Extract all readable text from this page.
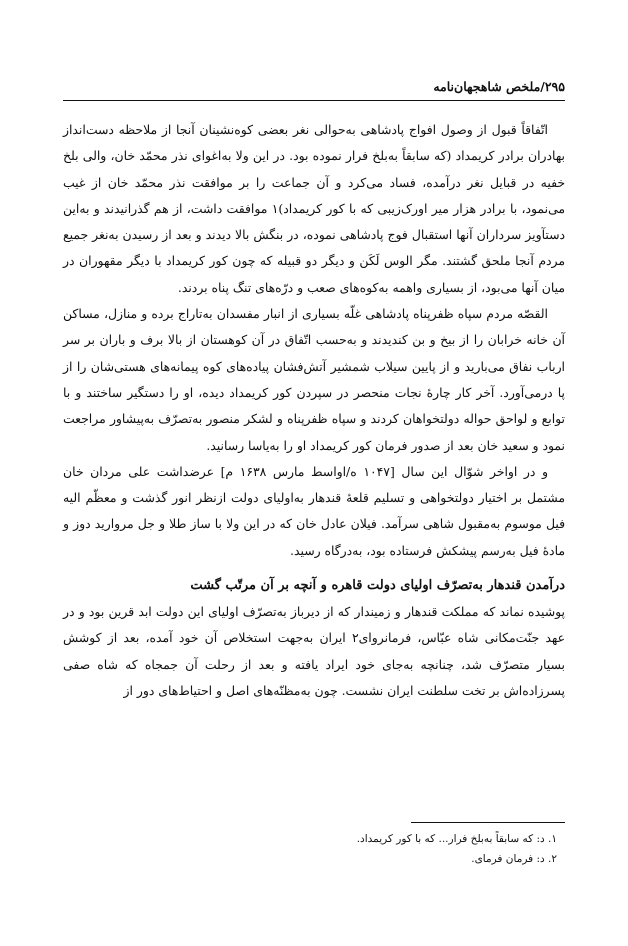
۲۹۵/ملخص شاهجهان‌نامه

اتّفاقاً قبول از وصول افواج پادشاهی به‌حوالی نغر بعضی کوه‌نشینان آنجا از ملاحظه دست‌انداز بهادران برادر کریمداد (که سابقاً به‌بلخ فرار نموده بود. در این ولا به‌اغوای نذر محمّد خان، والی بلخ خفیه در قبایل نغر درآمده، فساد می‌کرد و آن جماعت را بر موافقت نذر محمّد خان از غیب می‌نمود، با برادر هزار میر اورک‌زیبی که با کور کریمداد)۱ موافقت داشت، از هم گذرانیدند و به‌این دستآویز سرداران آنها استقبال فوج پادشاهی نموده، در بنگش بالا دیدند و بعد از رسیدن به‌نغر جمیع مردم آنجا ملحق گشتند. مگر الوس لَکَن و دیگر دو قبیله که چون کور کریمداد با دیگر مقهوران در میان آنها می‌بود، از بسیاری واهمه به‌کوه‌های صعب و درّه‌های تنگ پناه بردند.

القصّه مردم سپاه ظفرپناه پادشاهی غلّه بسیاری از انبار مفسدان به‌تاراج برده و منازل، مساکن آن خانه خرابان را از بیخ و بن کندیدند و به‌حسب اتّفاق در آن کوهستان از بالا برف و باران بر سر ارباب نفاق می‌بارید و از پایین سیلاب شمشیر آتش‌فشان پیاده‌های کوه پیمانه‌های هستی‌شان را از پا درمی‌آورد. آخر کار چارهٔ نجات منحصر در سپردن کور کریمداد دیده، او را دستگیر ساختند و با توابع و لواحق حواله دولتخواهان کردند و سپاه ظفرپناه و لشکر منصور به‌تصرّف به‌پیشاور مراجعت نمود و سعید خان بعد از صدور فرمان کور کریمداد او را به‌یاسا رسانید.

و در اواخر شوّال این سال [۱۰۴۷ ه/اواسط مارس ۱۶۳۸ م] عرضداشت علی مردان خان مشتمل بر اختیار دولتخواهی و تسلیم قلعهٔ قندهار به‌اولیای دولت ازنظر انور گذشت و معظّم الیه فیل موسوم به‌مقبول شاهی سرآمد. فیلان عادل خان که در این ولا با ساز طلا و جل مروارید دوز و مادهٔ فیل به‌رسم پیشکش فرستاده بود، به‌درگاه رسید.

درآمدن قندهار به‌تصرّف اولیای دولت قاهره و آنچه بر آن مرتّب گشت

پوشیده نماند که مملکت قندهار و زمیندار که از دیرباز به‌تصرّف اولیای این دولت ابد قرین بود و در عهد جنّت‌مکانی شاه عبّاس، فرمانروای۲ ایران به‌جهت استخلاص آن خود آمده، بعد از کوشش بسیار متصرّف شد، چنانچه به‌جای خود ایراد یافته و بعد از رحلت آن جمجاه که شاه صفی پسرزاده‌اش بر تخت سلطنت ایران نشست. چون به‌مظنّه‌های اصل و احتیاط‌های دور از

۱. د: که سابقاً به‌بلخ فرار... که با کور کریمداد.

۲. د: فرمان فرمای.
